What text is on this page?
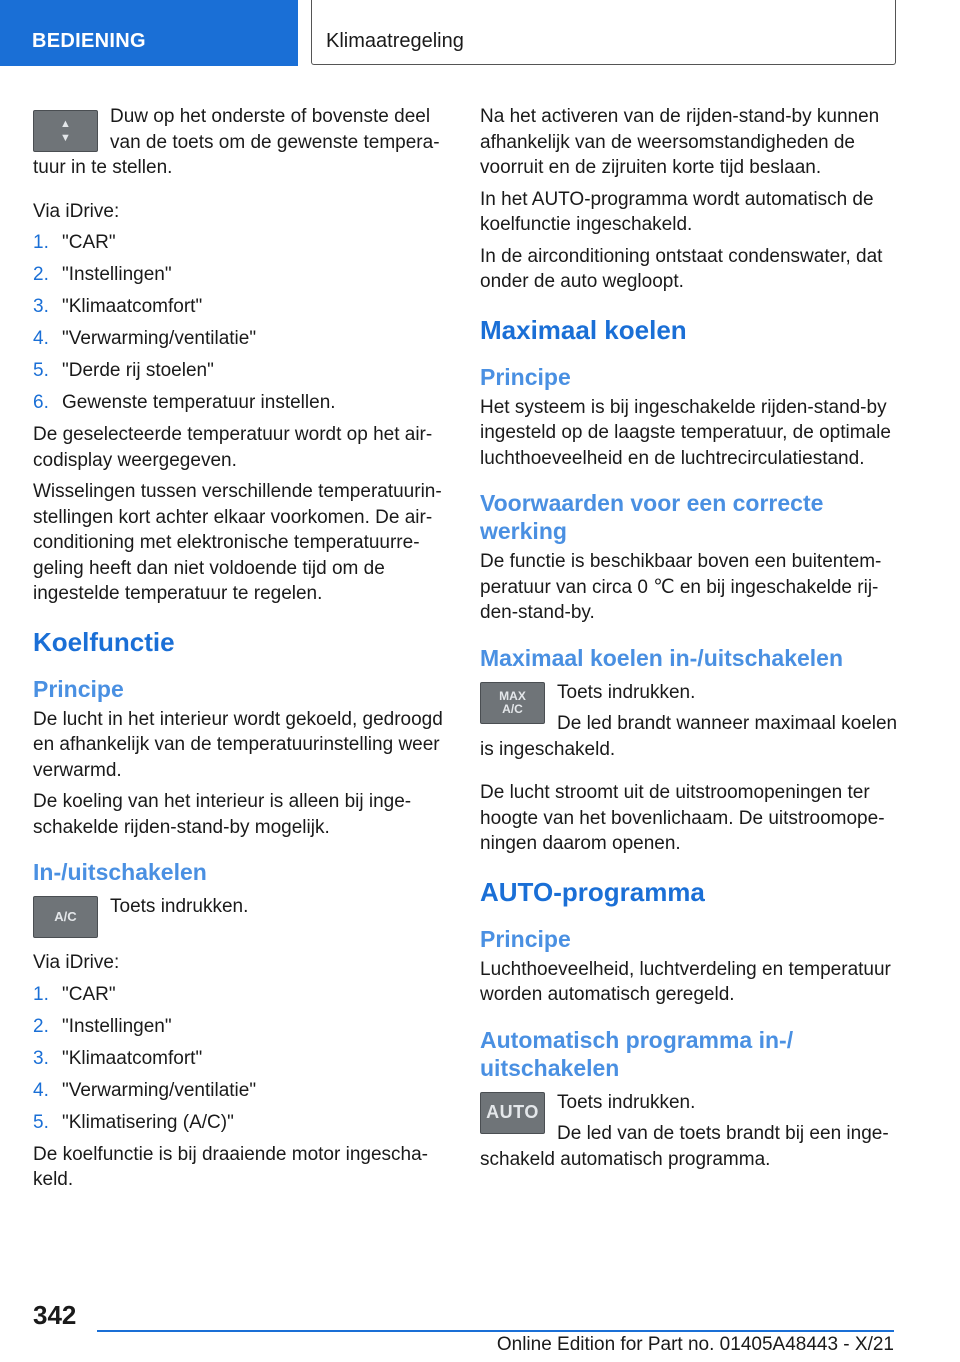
BEDIENING	Klimaatregeling
▲
▼

Duw op het onderste of bovenste deel van de toets om de gewenste temperatuur in te stellen.

Via iDrive:

1. "CAR"
2. "Instellingen"
3. "Klimaatcomfort"
4. "Verwarming/ventilatie"
5. "Derde rij stoelen"
6. Gewenste temperatuur instellen.

De geselecteerde temperatuur wordt op het aircodisplay weergegeven.

Wisselingen tussen verschillende temperatuurinstellingen kort achter elkaar voorkomen. De airconditioning met elektronische temperatuurregeling heeft dan niet voldoende tijd om de ingestelde temperatuur te regelen.

Koelfunctie
Principe

De lucht in het interieur wordt gekoeld, gedroogd en afhankelijk van de temperatuurinstelling weer verwarmd.

De koeling van het interieur is alleen bij ingeschakelde rijden-stand-by mogelijk.

In-/uitschakelen
A/C	Toets indrukken.

Via iDrive:

1. "CAR"
2. "Instellingen"
3. "Klimaatcomfort"
4. "Verwarming/ventilatie"
5. "Klimatisering (A/C)"

De koelfunctie is bij draaiende motor ingeschakeld.

Na het activeren van de rijden-stand-by kunnen afhankelijk van de weersomstandigheden de voorruit en de zijruiten korte tijd beslaan.

In het AUTO-programma wordt automatisch de koelfunctie ingeschakeld.

In de airconditioning ontstaat condenswater, dat onder de auto wegloopt.

Maximaal koelen
Principe

Het systeem is bij ingeschakelde rijden-stand-by ingesteld op de laagste temperatuur, de optimale luchthoeveelheid en de luchtrecirculatiestand.

Voorwaarden voor een correcte werking

De functie is beschikbaar boven een buitentemperatuur van circa 0 ℃ en bij ingeschakelde rijden-stand-by.

Maximaal koelen in-/uitschakelen
MAX
A/C

Toets indrukken.

De led brandt wanneer maximaal koelen is ingeschakeld.

De lucht stroomt uit de uitstroomopeningen ter hoogte van het bovenlichaam. De uitstroomopeningen daarom openen.

AUTO-programma
Principe

Luchthoeveelheid, luchtverdeling en temperatuur worden automatisch geregeld.

Automatisch programma in-/ uitschakelen
AUTO Toets indrukken.

De led van de toets brandt bij een ingeschakeld automatisch programma.

342
Online Edition for Part no. 01405A48443 - X/21
